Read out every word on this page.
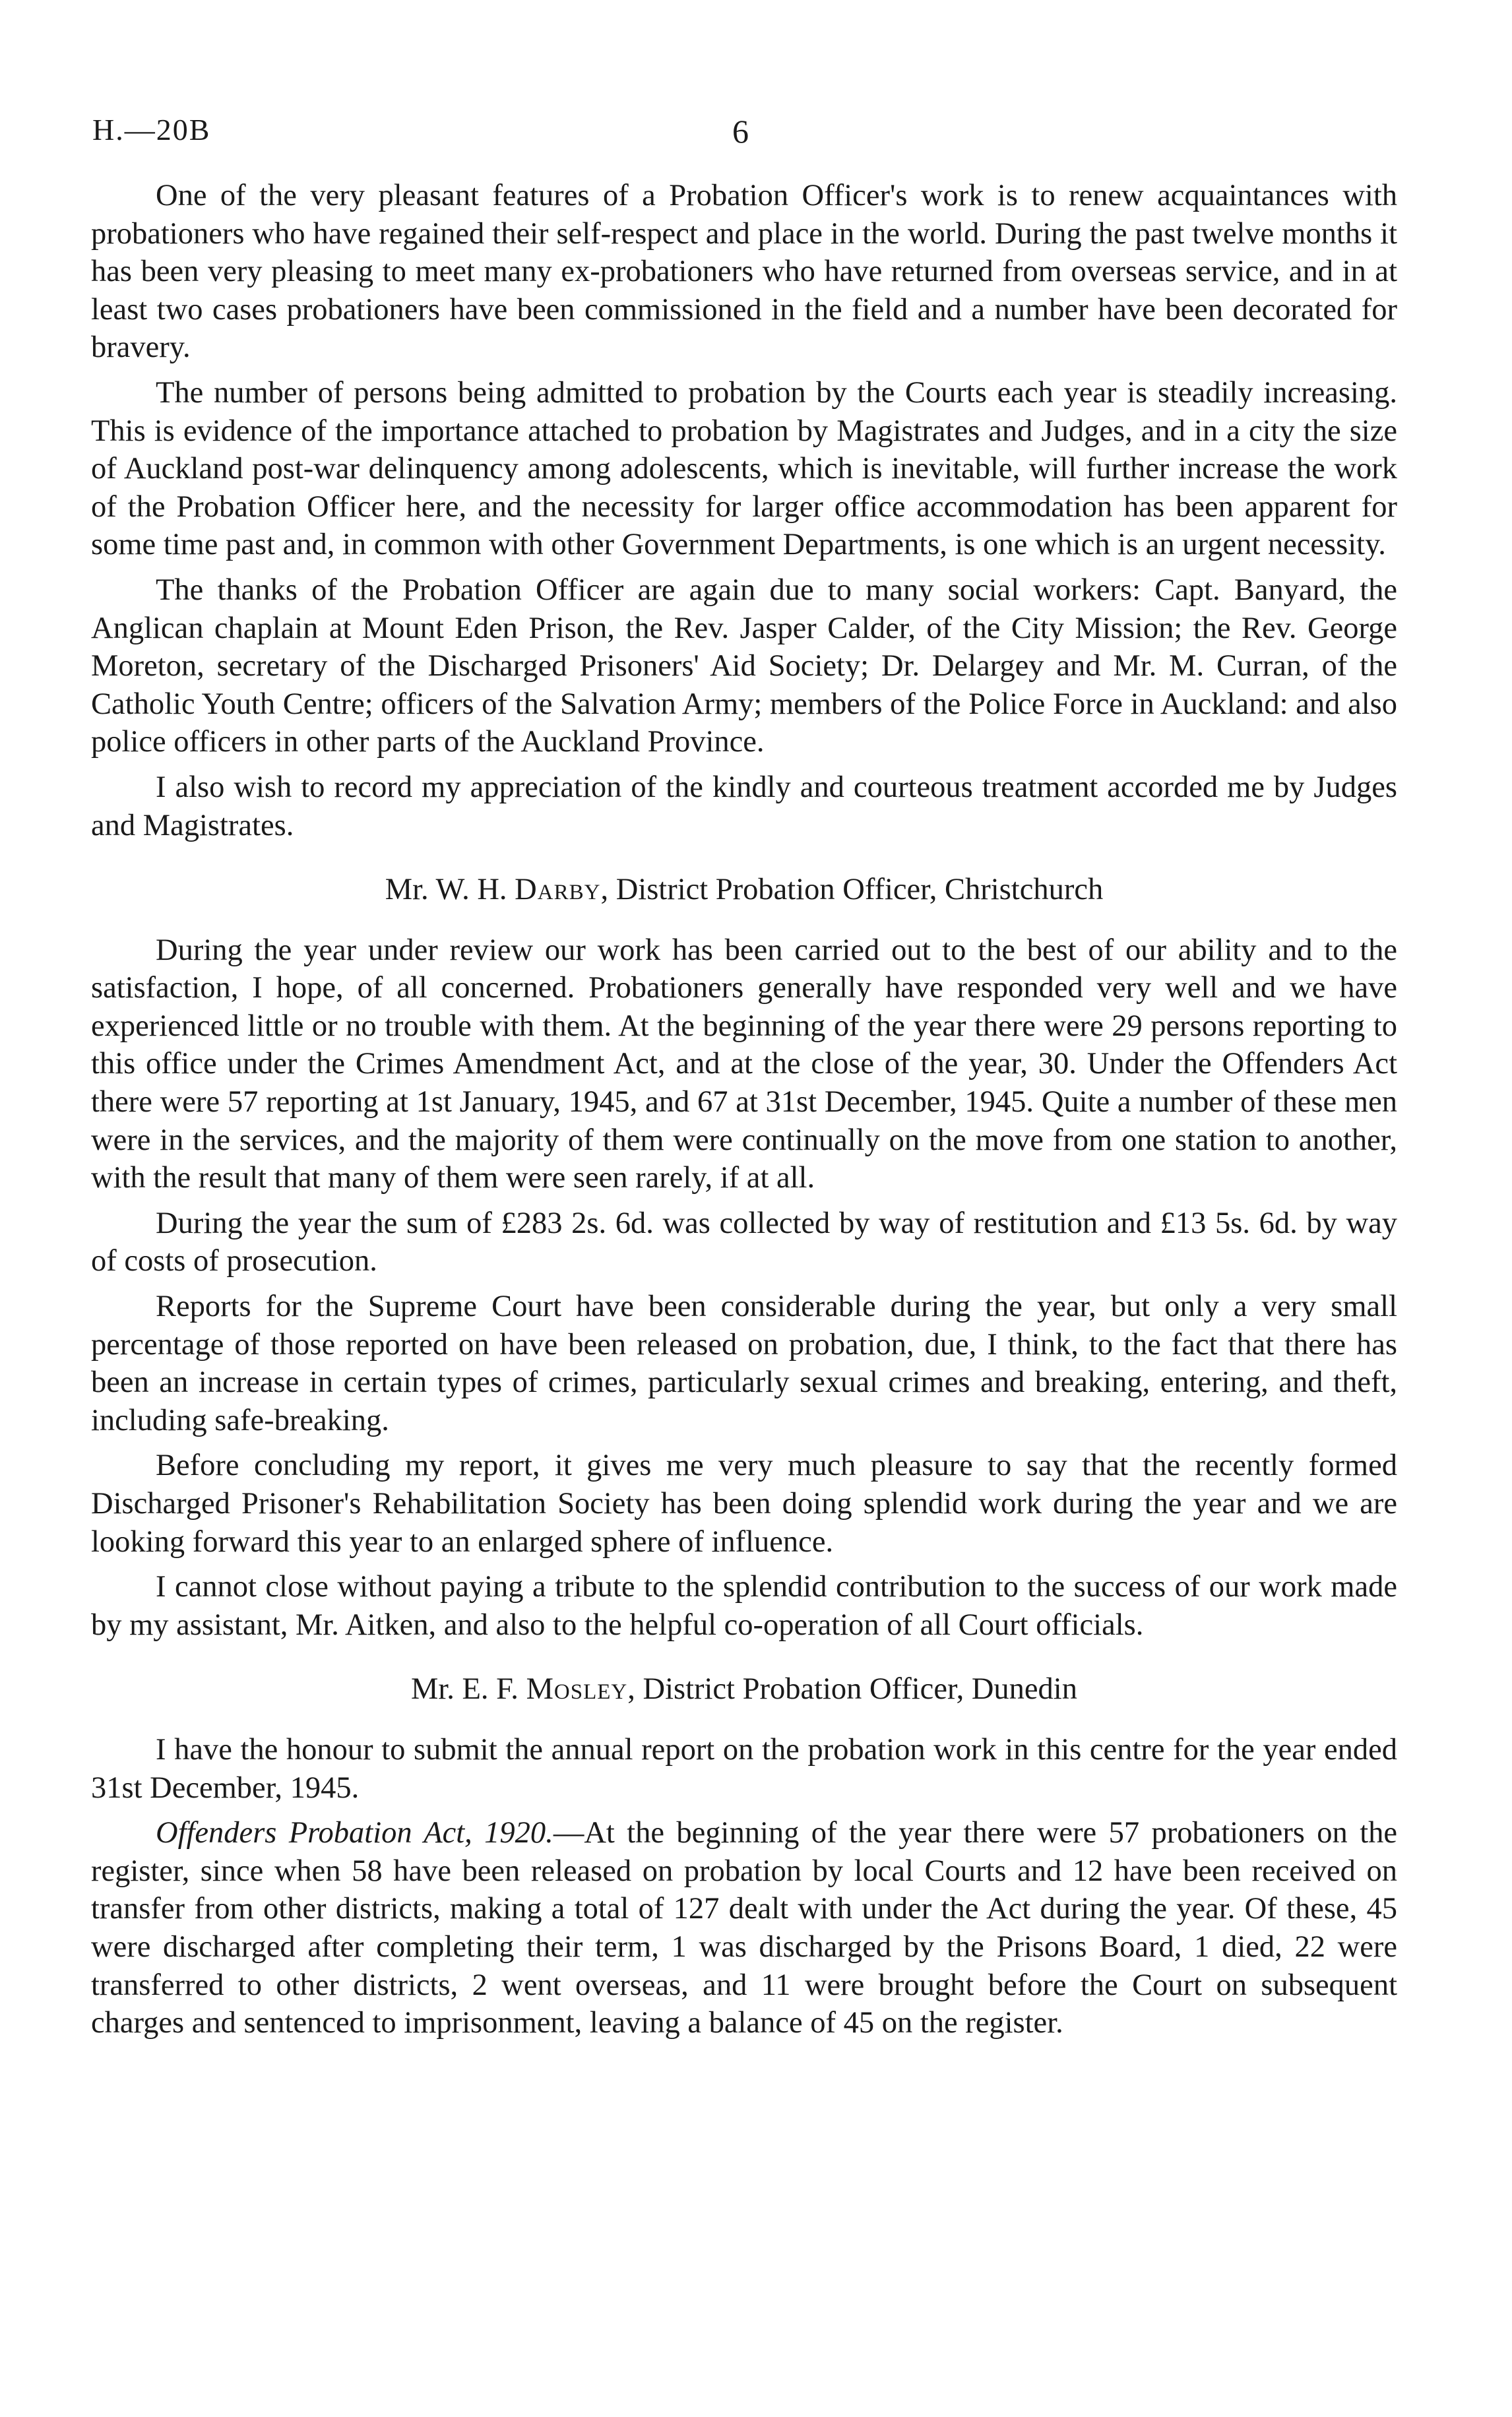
H.—20B	6

One of the very pleasant features of a Probation Officer's work is to renew acquaintances with probationers who have regained their self-respect and place in the world. During the past twelve months it has been very pleasing to meet many ex-probationers who have returned from overseas service, and in at least two cases probationers have been commissioned in the field and a number have been decorated for bravery.

The number of persons being admitted to probation by the Courts each year is steadily increasing. This is evidence of the importance attached to probation by Magistrates and Judges, and in a city the size of Auckland post-war delinquency among adolescents, which is inevitable, will further increase the work of the Probation Officer here, and the necessity for larger office accommodation has been apparent for some time past and, in common with other Government Departments, is one which is an urgent necessity.

The thanks of the Probation Officer are again due to many social workers: Capt. Banyard, the Anglican chaplain at Mount Eden Prison, the Rev. Jasper Calder, of the City Mission; the Rev. George Moreton, secretary of the Discharged Prisoners' Aid Society; Dr. Delargey and Mr. M. Curran, of the Catholic Youth Centre; officers of the Salvation Army; members of the Police Force in Auckland: and also police officers in other parts of the Auckland Province.

I also wish to record my appreciation of the kindly and courteous treatment accorded me by Judges and Magistrates.

Mr. W. H. Darby, District Probation Officer, Christchurch

During the year under review our work has been carried out to the best of our ability and to the satisfaction, I hope, of all concerned. Probationers generally have responded very well and we have experienced little or no trouble with them. At the beginning of the year there were 29 persons reporting to this office under the Crimes Amendment Act, and at the close of the year, 30. Under the Offenders Act there were 57 reporting at 1st January, 1945, and 67 at 31st December, 1945. Quite a number of these men were in the services, and the majority of them were continually on the move from one station to another, with the result that many of them were seen rarely, if at all.

During the year the sum of £283 2s. 6d. was collected by way of restitution and £13 5s. 6d. by way of costs of prosecution.

Reports for the Supreme Court have been considerable during the year, but only a very small percentage of those reported on have been released on probation, due, I think, to the fact that there has been an increase in certain types of crimes, particularly sexual crimes and breaking, entering, and theft, including safe-breaking.

Before concluding my report, it gives me very much pleasure to say that the recently formed Discharged Prisoner's Rehabilitation Society has been doing splendid work during the year and we are looking forward this year to an enlarged sphere of influence.

I cannot close without paying a tribute to the splendid contribution to the success of our work made by my assistant, Mr. Aitken, and also to the helpful co-operation of all Court officials.

Mr. E. F. Mosley, District Probation Officer, Dunedin

I have the honour to submit the annual report on the probation work in this centre for the year ended 31st December, 1945.

Offenders Probation Act, 1920.—At the beginning of the year there were 57 probationers on the register, since when 58 have been released on probation by local Courts and 12 have been received on transfer from other districts, making a total of 127 dealt with under the Act during the year. Of these, 45 were discharged after completing their term, 1 was discharged by the Prisons Board, 1 died, 22 were transferred to other districts, 2 went overseas, and 11 were brought before the Court on subsequent charges and sentenced to imprisonment, leaving a balance of 45 on the register.
